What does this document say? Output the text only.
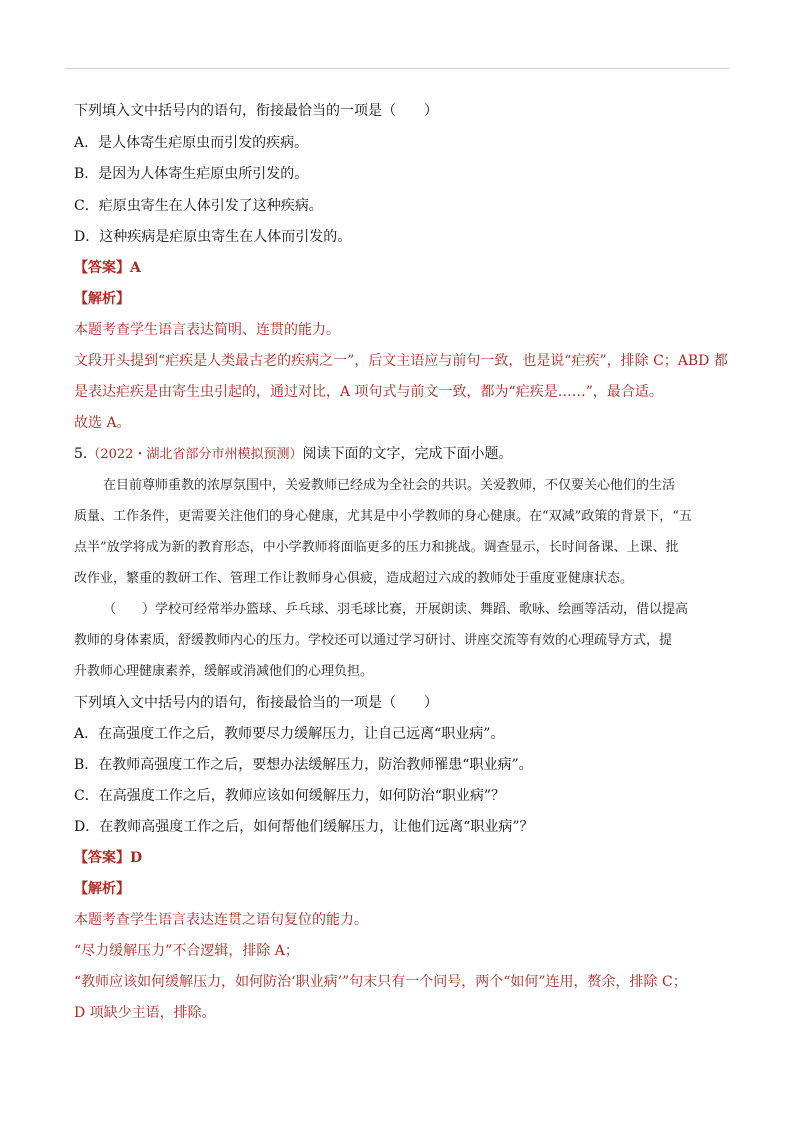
下列填入文中括号内的语句，衔接最恰当的一项是（　　）
A．是人体寄生疟原虫而引发的疾病。
B．是因为人体寄生疟原虫所引发的。
C．疟原虫寄生在人体引发了这种疾病。
D．这种疾病是疟原虫寄生在人体而引发的。
【答案】A
【解析】
本题考查学生语言表达简明、连贯的能力。
文段开头提到“疟疾是人类最古老的疾病之一”，后文主语应与前句一致，也是说“疟疾”，排除 C；ABD 都
是表达疟疾是由寄生虫引起的，通过对比，A 项句式与前文一致，都为“疟疾是……”，最合适。
故选 A。
5.（2022・湖北省部分市州模拟预测）阅读下面的文字，完成下面小题。
在目前尊师重教的浓厚氛围中，关爱教师已经成为全社会的共识。关爱教师，不仅要关心他们的生活
质量、工作条件，更需要关注他们的身心健康，尤其是中小学教师的身心健康。在“双减”政策的背景下，“五
点半”放学将成为新的教育形态，中小学教师将面临更多的压力和挑战。调查显示，长时间备课、上课、批
改作业，繁重的教研工作、管理工作让教师身心俱疲，造成超过六成的教师处于重度亚健康状态。
（　　）学校可经常举办篮球、乒乓球、羽毛球比赛，开展朗读、舞蹈、歌咏、绘画等活动，借以提高
教师的身体素质，舒缓教师内心的压力。学校还可以通过学习研讨、讲座交流等有效的心理疏导方式，提
升教师心理健康素养，缓解或消减他们的心理负担。
下列填入文中括号内的语句，衔接最恰当的一项是（　　）
A．在高强度工作之后，教师要尽力缓解压力，让自己远离“职业病”。
B．在教师高强度工作之后，要想办法缓解压力，防治教师罹患“职业病”。
C．在高强度工作之后，教师应该如何缓解压力，如何防治“职业病”？
D．在教师高强度工作之后，如何帮他们缓解压力，让他们远离“职业病”？
【答案】D
【解析】
本题考查学生语言表达连贯之语句复位的能力。
“尽力缓解压力”不合逻辑，排除 A；
“教师应该如何缓解压力，如何防治‘职业病’”句末只有一个问号，两个“如何”连用，赘余，排除 C；
D 项缺少主语，排除。
